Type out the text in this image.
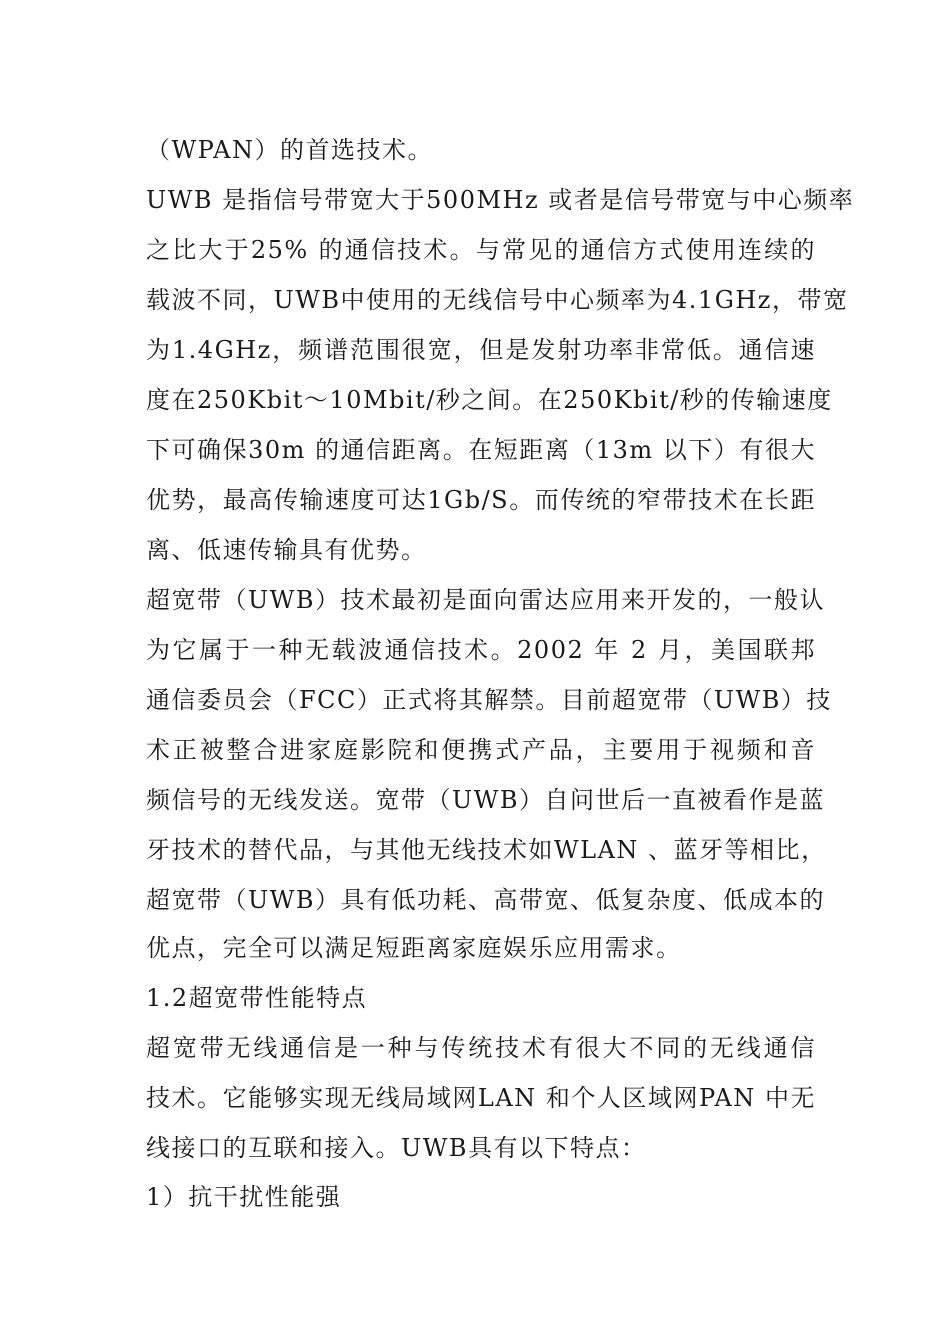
（WPAN）的首选技术。
UWB 是指信号带宽大于500MHz 或者是信号带宽与中心频率
之比大于25% 的通信技术。与常见的通信方式使用连续的
载波不同，UWB中使用的无线信号中心频率为4.1GHz，带宽
为1.4GHz，频谱范围很宽，但是发射功率非常低。通信速
度在250Kbit～10Mbit/秒之间。在250Kbit/秒的传输速度
下可确保30m 的通信距离。在短距离（13m 以下）有很大
优势，最高传输速度可达1Gb/S。而传统的窄带技术在长距
离、低速传输具有优势。
超宽带（UWB）技术最初是面向雷达应用来开发的，一般认
为它属于一种无载波通信技术。2002 年 2 月，美国联邦
通信委员会（FCC）正式将其解禁。目前超宽带（UWB）技
术正被整合进家庭影院和便携式产品，主要用于视频和音
频信号的无线发送。宽带（UWB）自问世后一直被看作是蓝
牙技术的替代品，与其他无线技术如WLAN 、蓝牙等相比，
超宽带（UWB）具有低功耗、高带宽、低复杂度、低成本的
优点，完全可以满足短距离家庭娱乐应用需求。
1.2超宽带性能特点
超宽带无线通信是一种与传统技术有很大不同的无线通信
技术。它能够实现无线局域网LAN 和个人区域网PAN 中无
线接口的互联和接入。UWB具有以下特点：
1）抗干扰性能强
